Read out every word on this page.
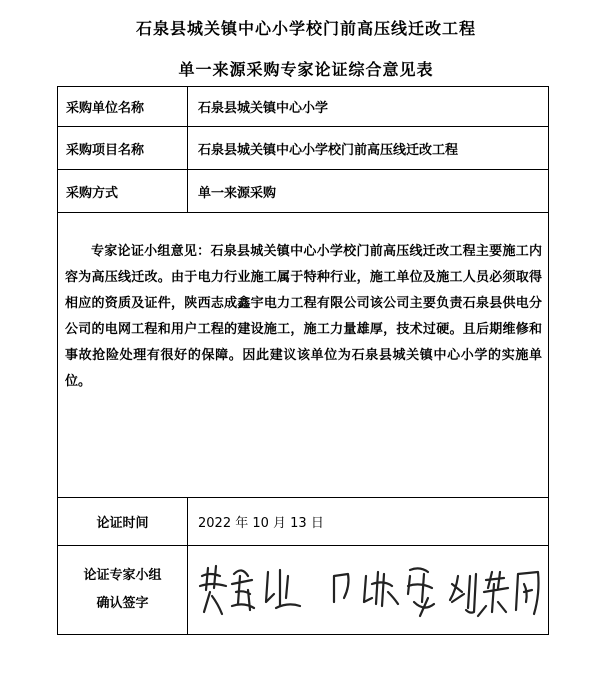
石泉县城关镇中心小学校门前高压线迁改工程
单一来源采购专家论证综合意见表
采购单位名称	石泉县城关镇中心小学
采购项目名称	石泉县城关镇中心小学校门前高压线迁改工程
采购方式	单一来源采购

专家论证小组意见：石泉县城关镇中心小学校门前高压线迁改工程主要施工内容为高压线迁改。由于电力行业施工属于特种行业，施工单位及施工人员必须取得相应的资质及证件，陕西志成鑫宇电力工程有限公司该公司主要负责石泉县供电分公司的电网工程和用户工程的建设施工，施工力量雄厚，技术过硬。且后期维修和事故抢险处理有很好的保障。因此建议该单位为石泉县城关镇中心小学的实施单位。	

论证时间	2022 年 10 月 13 日

论证专家小组
确认签字
